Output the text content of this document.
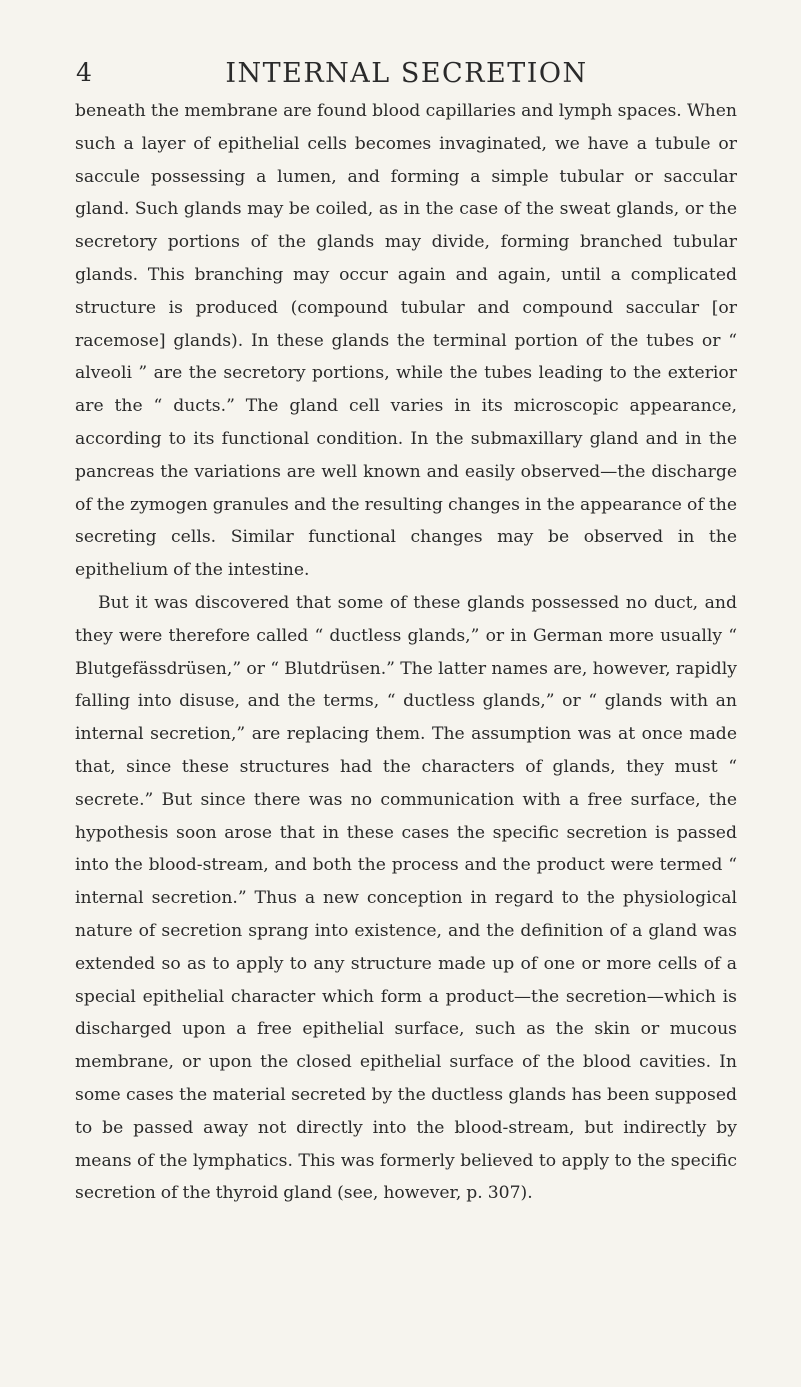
4	INTERNAL SECRETION

beneath the membrane are found blood capillaries and lymph spaces. When such a layer of epithelial cells becomes invaginated, we have a tubule or saccule possessing a lumen, and forming a simple tubular or saccular gland. Such glands may be coiled, as in the case of the sweat glands, or the secretory portions of the glands may divide, forming branched tubular glands. This branching may occur again and again, until a complicated structure is produced (compound tubular and compound saccular [or racemose] glands). In these glands the terminal portion of the tubes or “ alveoli ” are the secretory portions, while the tubes leading to the exterior are the “ ducts.” The gland cell varies in its microscopic appearance, according to its functional condition. In the submaxillary gland and in the pancreas the variations are well known and easily observed—the discharge of the zymogen granules and the resulting changes in the appearance of the secreting cells. Similar functional changes may be observed in the epithelium of the intestine.

But it was discovered that some of these glands possessed no duct, and they were therefore called “ ductless glands,” or in German more usually “ Blutgefässdrüsen,” or “ Blutdrüsen.” The latter names are, however, rapidly falling into disuse, and the terms, “ ductless glands,” or “ glands with an internal secretion,” are replacing them. The assumption was at once made that, since these structures had the characters of glands, they must “ secrete.” But since there was no communication with a free surface, the hypothesis soon arose that in these cases the specific secretion is passed into the blood-stream, and both the process and the product were termed “ internal secretion.” Thus a new conception in regard to the physiological nature of secretion sprang into existence, and the definition of a gland was extended so as to apply to any structure made up of one or more cells of a special epithelial character which form a product—the secretion—which is discharged upon a free epithelial surface, such as the skin or mucous membrane, or upon the closed epithelial surface of the blood cavities. In some cases the material secreted by the ductless glands has been supposed to be passed away not directly into the blood-stream, but indirectly by means of the lymphatics. This was formerly believed to apply to the specific secretion of the thyroid gland (see, however, p. 307).
